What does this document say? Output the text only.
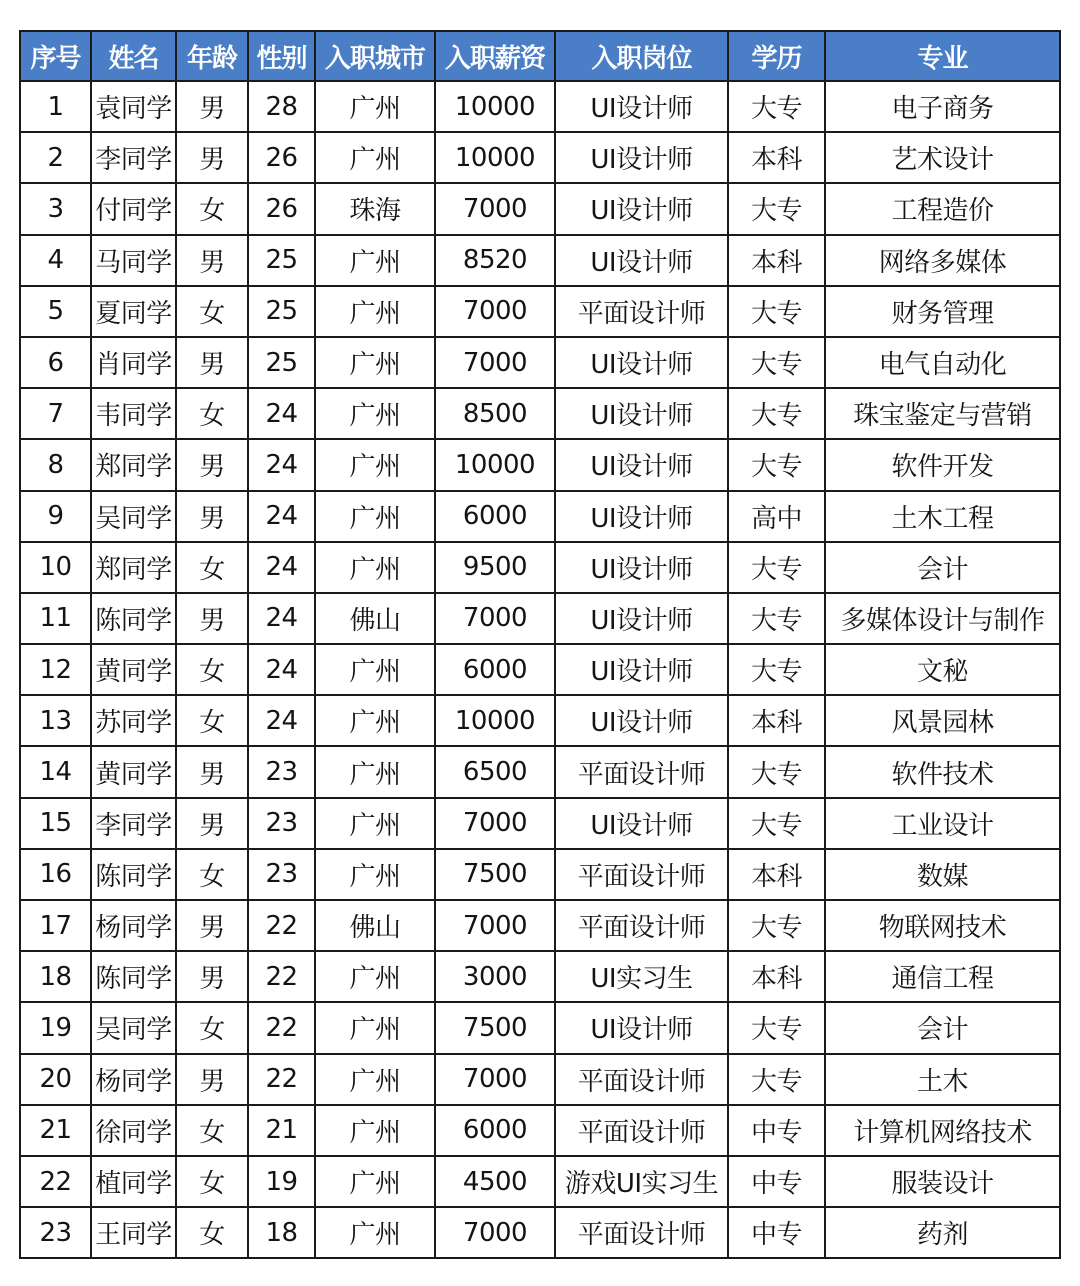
序号	姓名	年龄	性别	入职城市	入职薪资	入职岗位	学历	专业
1	袁同学	男	28	广州	10000	UI设计师	大专	电子商务
2	李同学	男	26	广州	10000	UI设计师	本科	艺术设计
3	付同学	女	26	珠海	7000	UI设计师	大专	工程造价
4	马同学	男	25	广州	8520	UI设计师	本科	网络多媒体
5	夏同学	女	25	广州	7000	平面设计师	大专	财务管理
6	肖同学	男	25	广州	7000	UI设计师	大专	电气自动化
7	韦同学	女	24	广州	8500	UI设计师	大专	珠宝鉴定与营销
8	郑同学	男	24	广州	10000	UI设计师	大专	软件开发
9	吴同学	男	24	广州	6000	UI设计师	高中	土木工程
10	郑同学	女	24	广州	9500	UI设计师	大专	会计
11	陈同学	男	24	佛山	7000	UI设计师	大专	多媒体设计与制作
12	黄同学	女	24	广州	6000	UI设计师	大专	文秘
13	苏同学	女	24	广州	10000	UI设计师	本科	风景园林
14	黄同学	男	23	广州	6500	平面设计师	大专	软件技术
15	李同学	男	23	广州	7000	UI设计师	大专	工业设计
16	陈同学	女	23	广州	7500	平面设计师	本科	数媒
17	杨同学	男	22	佛山	7000	平面设计师	大专	物联网技术
18	陈同学	男	22	广州	3000	UI实习生	本科	通信工程
19	吴同学	女	22	广州	7500	UI设计师	大专	会计
20	杨同学	男	22	广州	7000	平面设计师	大专	土木
21	徐同学	女	21	广州	6000	平面设计师	中专	计算机网络技术
22	植同学	女	19	广州	4500	游戏UI实习生	中专	服装设计
23	王同学	女	18	广州	7000	平面设计师	中专	药剂
